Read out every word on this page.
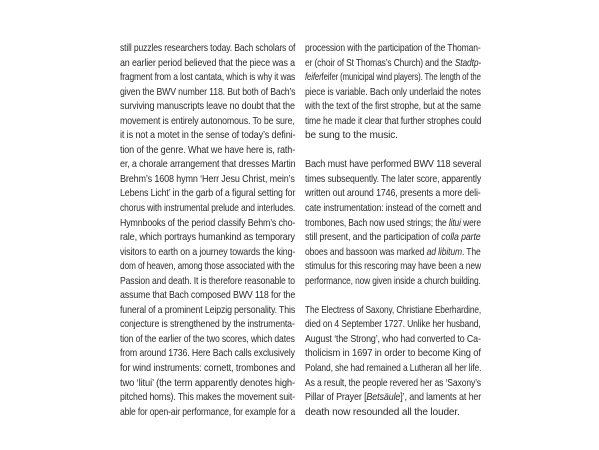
still puzzles researchers today. Bach scholars of
an earlier period believed that the piece was a
fragment from a lost cantata, which is why it was
given the BWV number 118. But both of Bach’s
surviving manuscripts leave no doubt that the
movement is entirely autonomous. To be sure,
it is not a motet in the sense of today’s defini-
tion of the genre. What we have here is, rath-
er, a chorale arrangement that dresses Martin
Brehm’s 1608 hymn ‘Herr Jesu Christ, mein’s
Lebens Licht’ in the garb of a figural setting for
chorus with instrumental prelude and interludes.
Hymnbooks of the period classify Behm’s cho-
rale, which portrays humankind as temporary
visitors to earth on a journey towards the king-
dom of heaven, among those associated with the
Passion and death. It is therefore reasonable to
assume that Bach composed BWV 118 for the
funeral of a prominent Leipzig personality. This
conjecture is strengthened by the instrumenta-
tion of the earlier of the two scores, which dates
from around 1736. Here Bach calls exclusively
for wind instruments: cornett, trombones and
two ‘litui’ (the term apparently denotes high-
pitched horns). This makes the movement suit-
able for open-air performance, for example for a

procession with the participation of the Thoman-
er (choir of St Thomas’s Church) and the Stadtp-
feiferfeifer (municipal wind players). The length of the
piece is variable. Bach only underlaid the notes
with the text of the first strophe, but at the same
time he made it clear that further strophes could
be sung to the music.

Bach must have performed BWV 118 several
times subsequently. The later score, apparently
written out around 1746, presents a more deli-
cate instrumentation: instead of the cornett and
trombones, Bach now used strings; the litui were
still present, and the participation of colla parte
oboes and bassoon was marked ad libitum. The
stimulus for this rescoring may have been a new
performance, now given inside a church building.

The Electress of Saxony, Christiane Eberhardine,
died on 4 September 1727. Unlike her husband,
August ‘the Strong’, who had converted to Ca-
tholicism in 1697 in order to become King of
Poland, she had remained a Lutheran all her life.
As a result, the people revered her as ‘Saxony’s
Pillar of Prayer [Betsäule]’, and laments at her
death now resounded all the louder.
